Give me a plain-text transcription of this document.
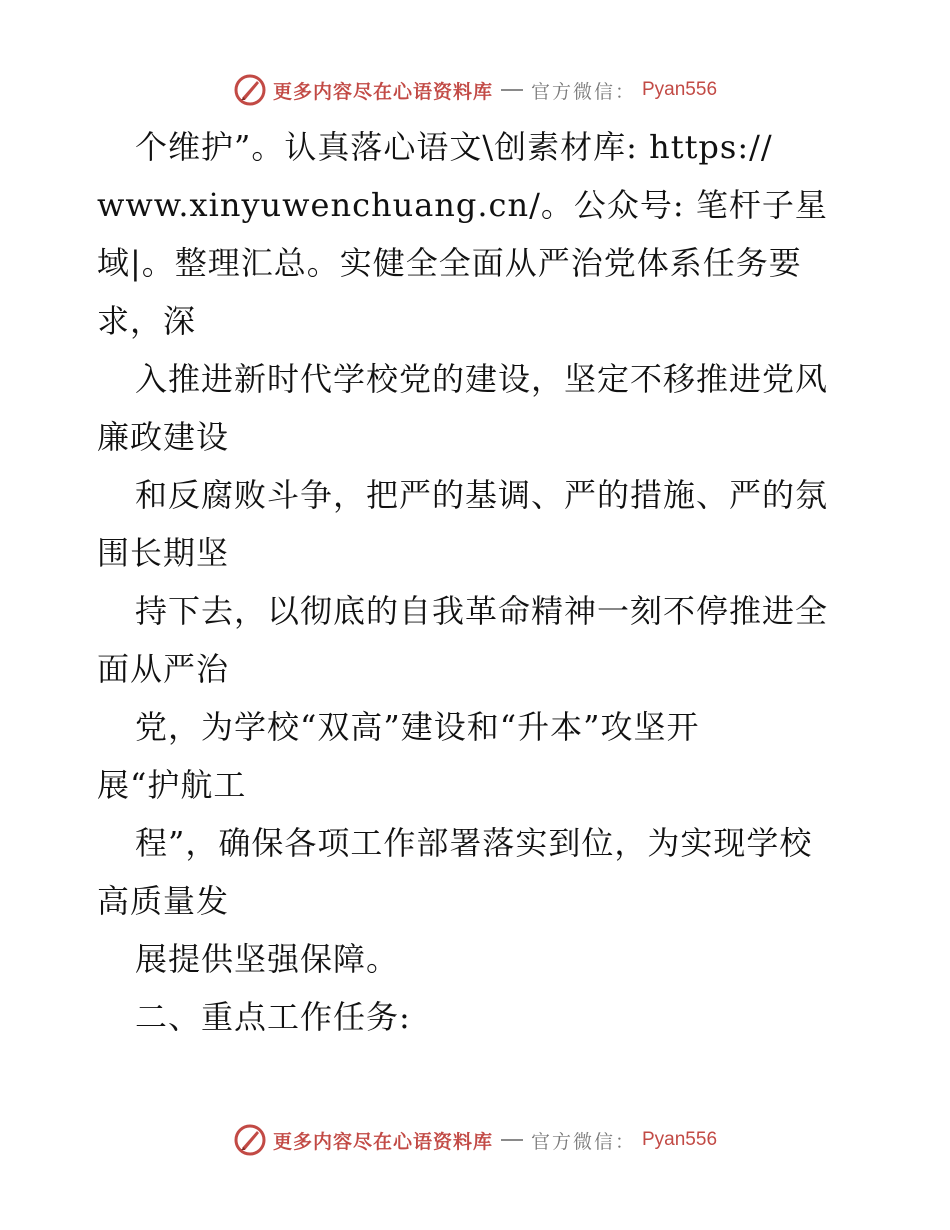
更多内容尽在心语资料库 官方微信： Pyan556
个维护”。认真落心语文\创素材库: https://
www.xinyuwenchuang.cn/。公众号: 笔杆子星
域|。整理汇总。实健全全面从严治党体系任务要
求，深
入推进新时代学校党的建设，坚定不移推进党风
廉政建设
和反腐败斗争，把严的基调、严的措施、严的氛
围长期坚
持下去，以彻底的自我革命精神一刻不停推进全
面从严治
党，为学校“双高”建设和“升本”攻坚开
展“护航工
程”，确保各项工作部署落实到位，为实现学校
高质量发
展提供坚强保障。
二、重点工作任务:
更多内容尽在心语资料库 官方微信： Pyan556
